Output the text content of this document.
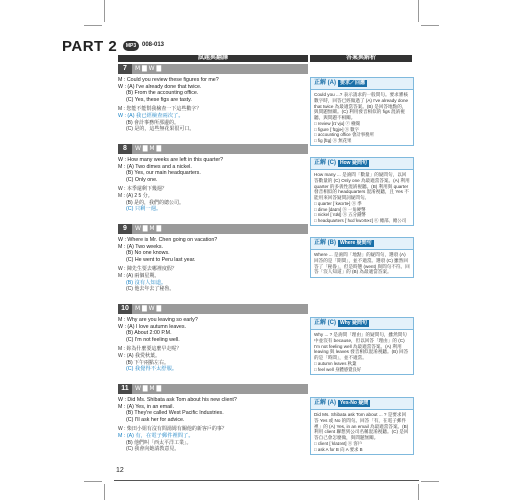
PART 2	MP3 008-013
試題與翻譯	答案與解析
7	M ▇ W ▇
M : Could you review these figures for me?
W : (A) I've already done that twice.
(B) From the accounting office.
(C) Yes, these figs are tasty.
M : 您能不能幫我檢查一下這些數字？
W : (A) 我已經檢查兩次了。
(B) 會計事務所那邊的。
(C) 是的，這些無花果很可口。
8	W ▇ M ▇
W : How many weeks are left in this quarter?
M : (A) Two dimes and a nickel.
(B) Yes, our main headquarters.
(C) Only one.
W : 本季還剩下幾週？
M : (A) 2 5 分。
(B) 是的，我們的總公司。
(C) 只剩一週。
9	W ▇ M ▇
W : Where is Mr. Chen going on vacation?
M : (A) Two weeks.
(B) No one knows.
(C) He went to Peru last year.
W : 陳先生要去哪裡度假？
M : (A) 兩個星期。
(B) 沒有人知道。
(C) 他去年去了秘魯。
10	M ▇ W ▇
M : Why are you leaving so early?
W : (A) I love autumn leaves.
(B) About 2:00 P.M.
(C) I'm not feeling well.
M : 妳為什麼要這麼早走呢？
W : (A) 我愛秋葉。
(B) 下午兩點左右。
(C) 我覺得不太舒服。
11	W ▇ M ▇
W : Did Ms. Shibata ask Tom about his new client?
M : (A) Yes, in an email.
(B) They're called West Pacific Industries.
(C) I'll ask her for advice.
W : 柴田小姐有沒有問湯姆有關他的新客戶的事？
M : (A) 有，在電子郵件裡問了。
(B) 他們叫「西太平洋工業」。
(C) 我會向她請教意見。
正解 (A) 要求／回應
Could you ...? 表示請求的一般問句。要求審核數字時，回答已經做過了 (A) I've already done that twice 為最適當答案。(B) 是回答地點的，與問題無關。(C) 利用發音相似的 figs 混淆視聽，與問題不相關。
□ review [rɪˈvju] ⓥ 檢閱
□ figure [ˈfɪɡjɚ] ⓝ 數字
□ accounting office 會計事務所
□ fig [fɪɡ] ⓝ 無花果
正解 (C) How 疑問句
How many ... 是詢問「數量」的疑問句，以回答數量的 (C) Only one 為最適當答案。(A) 利用 quarter 的多義性混淆視聽。(B) 利用與 quarter 發音相似的 headquarters 混淆視聽，且 Yes 不能用來回答疑問詞疑問句。
□ quarter [ˈkwɔrtɚ] ⓝ 季
□ dime [daɪm] ⓝ 一角硬幣
□ nickel [ˈnɪkḷ] ⓝ 五分錢幣
□ headquarters [ˈhɛdˈkwɔrtɚz] ⓝ 總部、總公司
正解 (B) Where 疑問句
Where ... 是詢問「地點」的疑問句，選項 (A) 回答的是「期間」，並不適當。選項 (C) 雖然回答了「秘魯」，但是時態 (went) 與問句不符。回答「沒人知道」的 (B) 為最適當答案。
正解 (C) Why 疑問句
Why ... ? 是詢問「理由」的疑問句，雖然問句中並沒有 because，但以回答「理由」的 (C) I'm not feeling well 為最適當答案。(A) 利用 leaving 與 leaves 發音相似混淆視聽。(B) 回答的是「時間」，並不適當。
□ autumn leaves 秋葉
□ feel well 身體感覺良好
正解 (A) Yes-No 疑問
Did Ms. Shibata ask Tom about ... ? 是要求回答 Yes 或 No 的問句。回答「有，在電子郵件裡」的 (A) Yes, in an email 為最適當答案。(B) 利用 client 聯想到公司名稱混淆視聽。(C) 是回答自己會怎麼做，與問題無關。
□ client [ˈklaɪənt] ⓝ 客戶
□ ask A for B 向 A 要求 B
12
